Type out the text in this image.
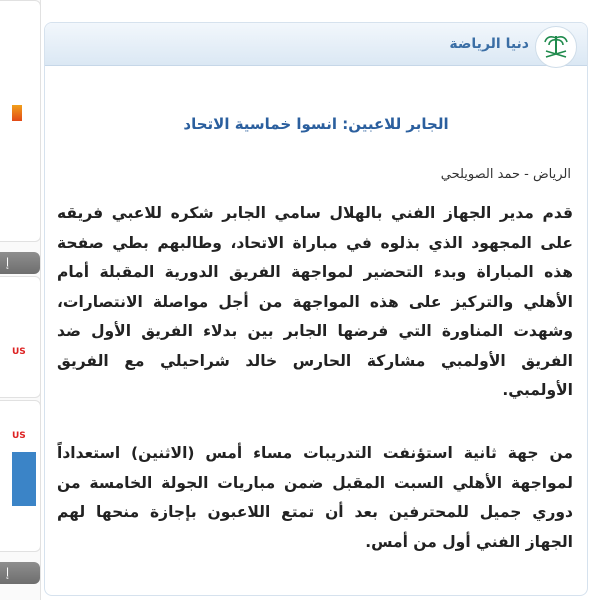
إ
US
US
إ
دنيا الرياضة
الجابر للاعبين: انسوا خماسية الاتحاد
الرياض - حمد الصويلحي
قدم مدير الجهاز الفني بالهلال سامي الجابر شكره للاعبي فريقه على المجهود الذي بذلوه في مباراة الاتحاد، وطالبهم بطي صفحة هذه المباراة وبدء التحضير لمواجهة الفريق الدورية المقبلة أمام الأهلي والتركيز على هذه المواجهة من أجل مواصلة الانتصارات، وشهدت المناورة التي فرضها الجابر بين بدلاء الفريق الأول ضد الفريق الأولمبي مشاركة الحارس خالد شراحيلي مع الفريق الأولمبي.
من جهة ثانية استؤنفت التدريبات مساء أمس (الاثنين) استعداداً لمواجهة الأهلي السبت المقبل ضمن مباريات الجولة الخامسة من دوري جميل للمحترفين بعد أن تمتع اللاعبون بإجازة منحها لهم الجهاز الفني أول من أمس.
